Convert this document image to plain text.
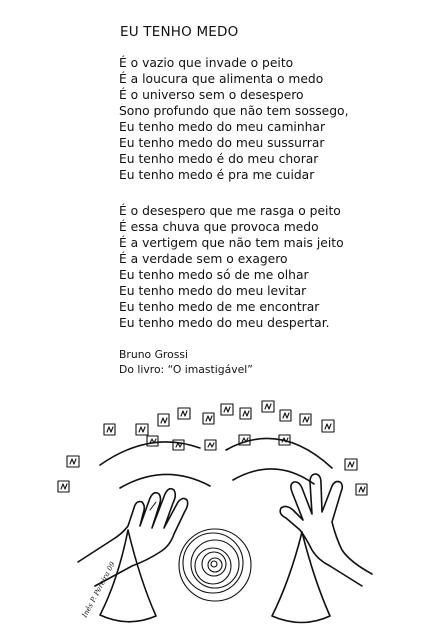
EU TENHO MEDO
É o vazio que invade o peito
É a loucura que alimenta o medo
É o universo sem o desespero
Sono profundo que não tem sossego,
Eu tenho medo do meu caminhar
Eu tenho medo do meu sussurrar
Eu tenho medo é do meu chorar
Eu tenho medo é pra me cuidar
É o desespero que me rasga o peito
É essa chuva que provoca medo
É a vertigem que não tem mais jeito
É a verdade sem o exagero
Eu tenho medo só de me olhar
Eu tenho medo do meu levitar
Eu tenho medo de me encontrar
Eu tenho medo do meu despertar.
Bruno Grossi
Do livro: “O imastigável”
Inês P. Pereira 09
